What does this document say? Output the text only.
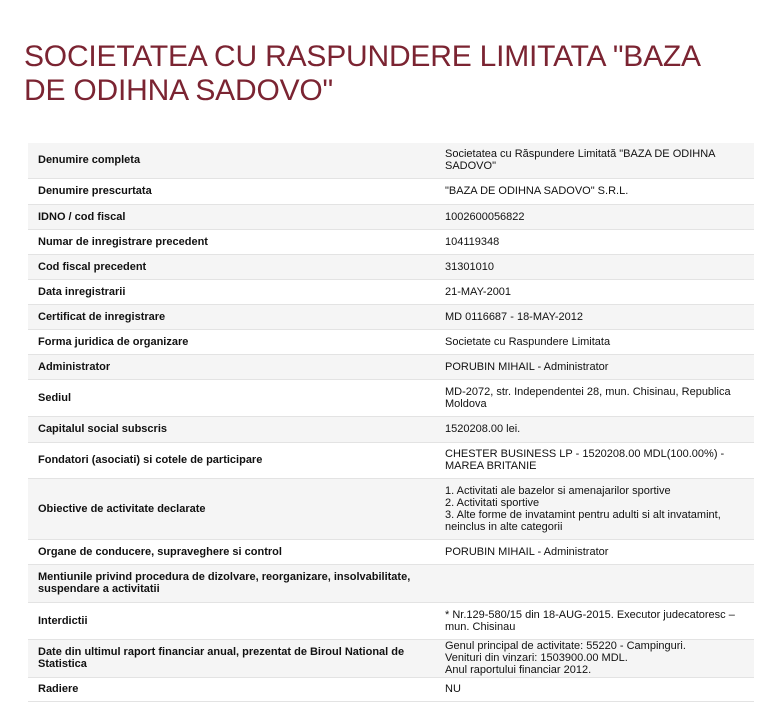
SOCIETATEA CU RASPUNDERE LIMITATA "BAZA DE ODIHNA SADOVO"
Denumire completa	Societatea cu Răspundere Limitată "BAZA DE ODIHNA
SADOVO"

Denumire prescurtata	"BAZA DE ODIHNA SADOVO" S.R.L.

IDNO / cod fiscal	1002600056822

Numar de inregistrare precedent	104119348

Cod fiscal precedent	31301010

Data inregistrarii	21-MAY-2001

Certificat de inregistrare	MD 0116687 - 18-MAY-2012

Forma juridica de organizare	Societate cu Raspundere Limitata

Administrator	PORUBIN MIHAIL - Administrator

Sediul	MD-2072, str. Independentei 28, mun. Chisinau, Republica
Moldova

Capitalul social subscris	1520208.00 lei.

Fondatori (asociati) si cotele de participare	CHESTER BUSINESS LP - 1520208.00 MDL(100.00%) -
MAREA BRITANIE

Obiective de activitate declarate	1. Activitati ale bazelor si amenajarilor sportive
2. Activitati sportive
3. Alte forme de invatamint pentru adulti si alt invatamint,
neinclus in alte categorii

Organe de conducere, supraveghere si control	PORUBIN MIHAIL - Administrator

Mentiunile privind procedura de dizolvare, reorganizare, insolvabilitate, suspendare a activitatii	
Interdictii	* Nr.129-580/15 din 18-AUG-2015. Executor judecatoresc –
mun. Chisinau

Date din ultimul raport financiar anual, prezentat de Biroul National de Statistica	Genul principal de activitate: 55220 - Campinguri.
Venituri din vinzari: 1503900.00 MDL.
Anul raportului financiar 2012.

Radiere	NU
